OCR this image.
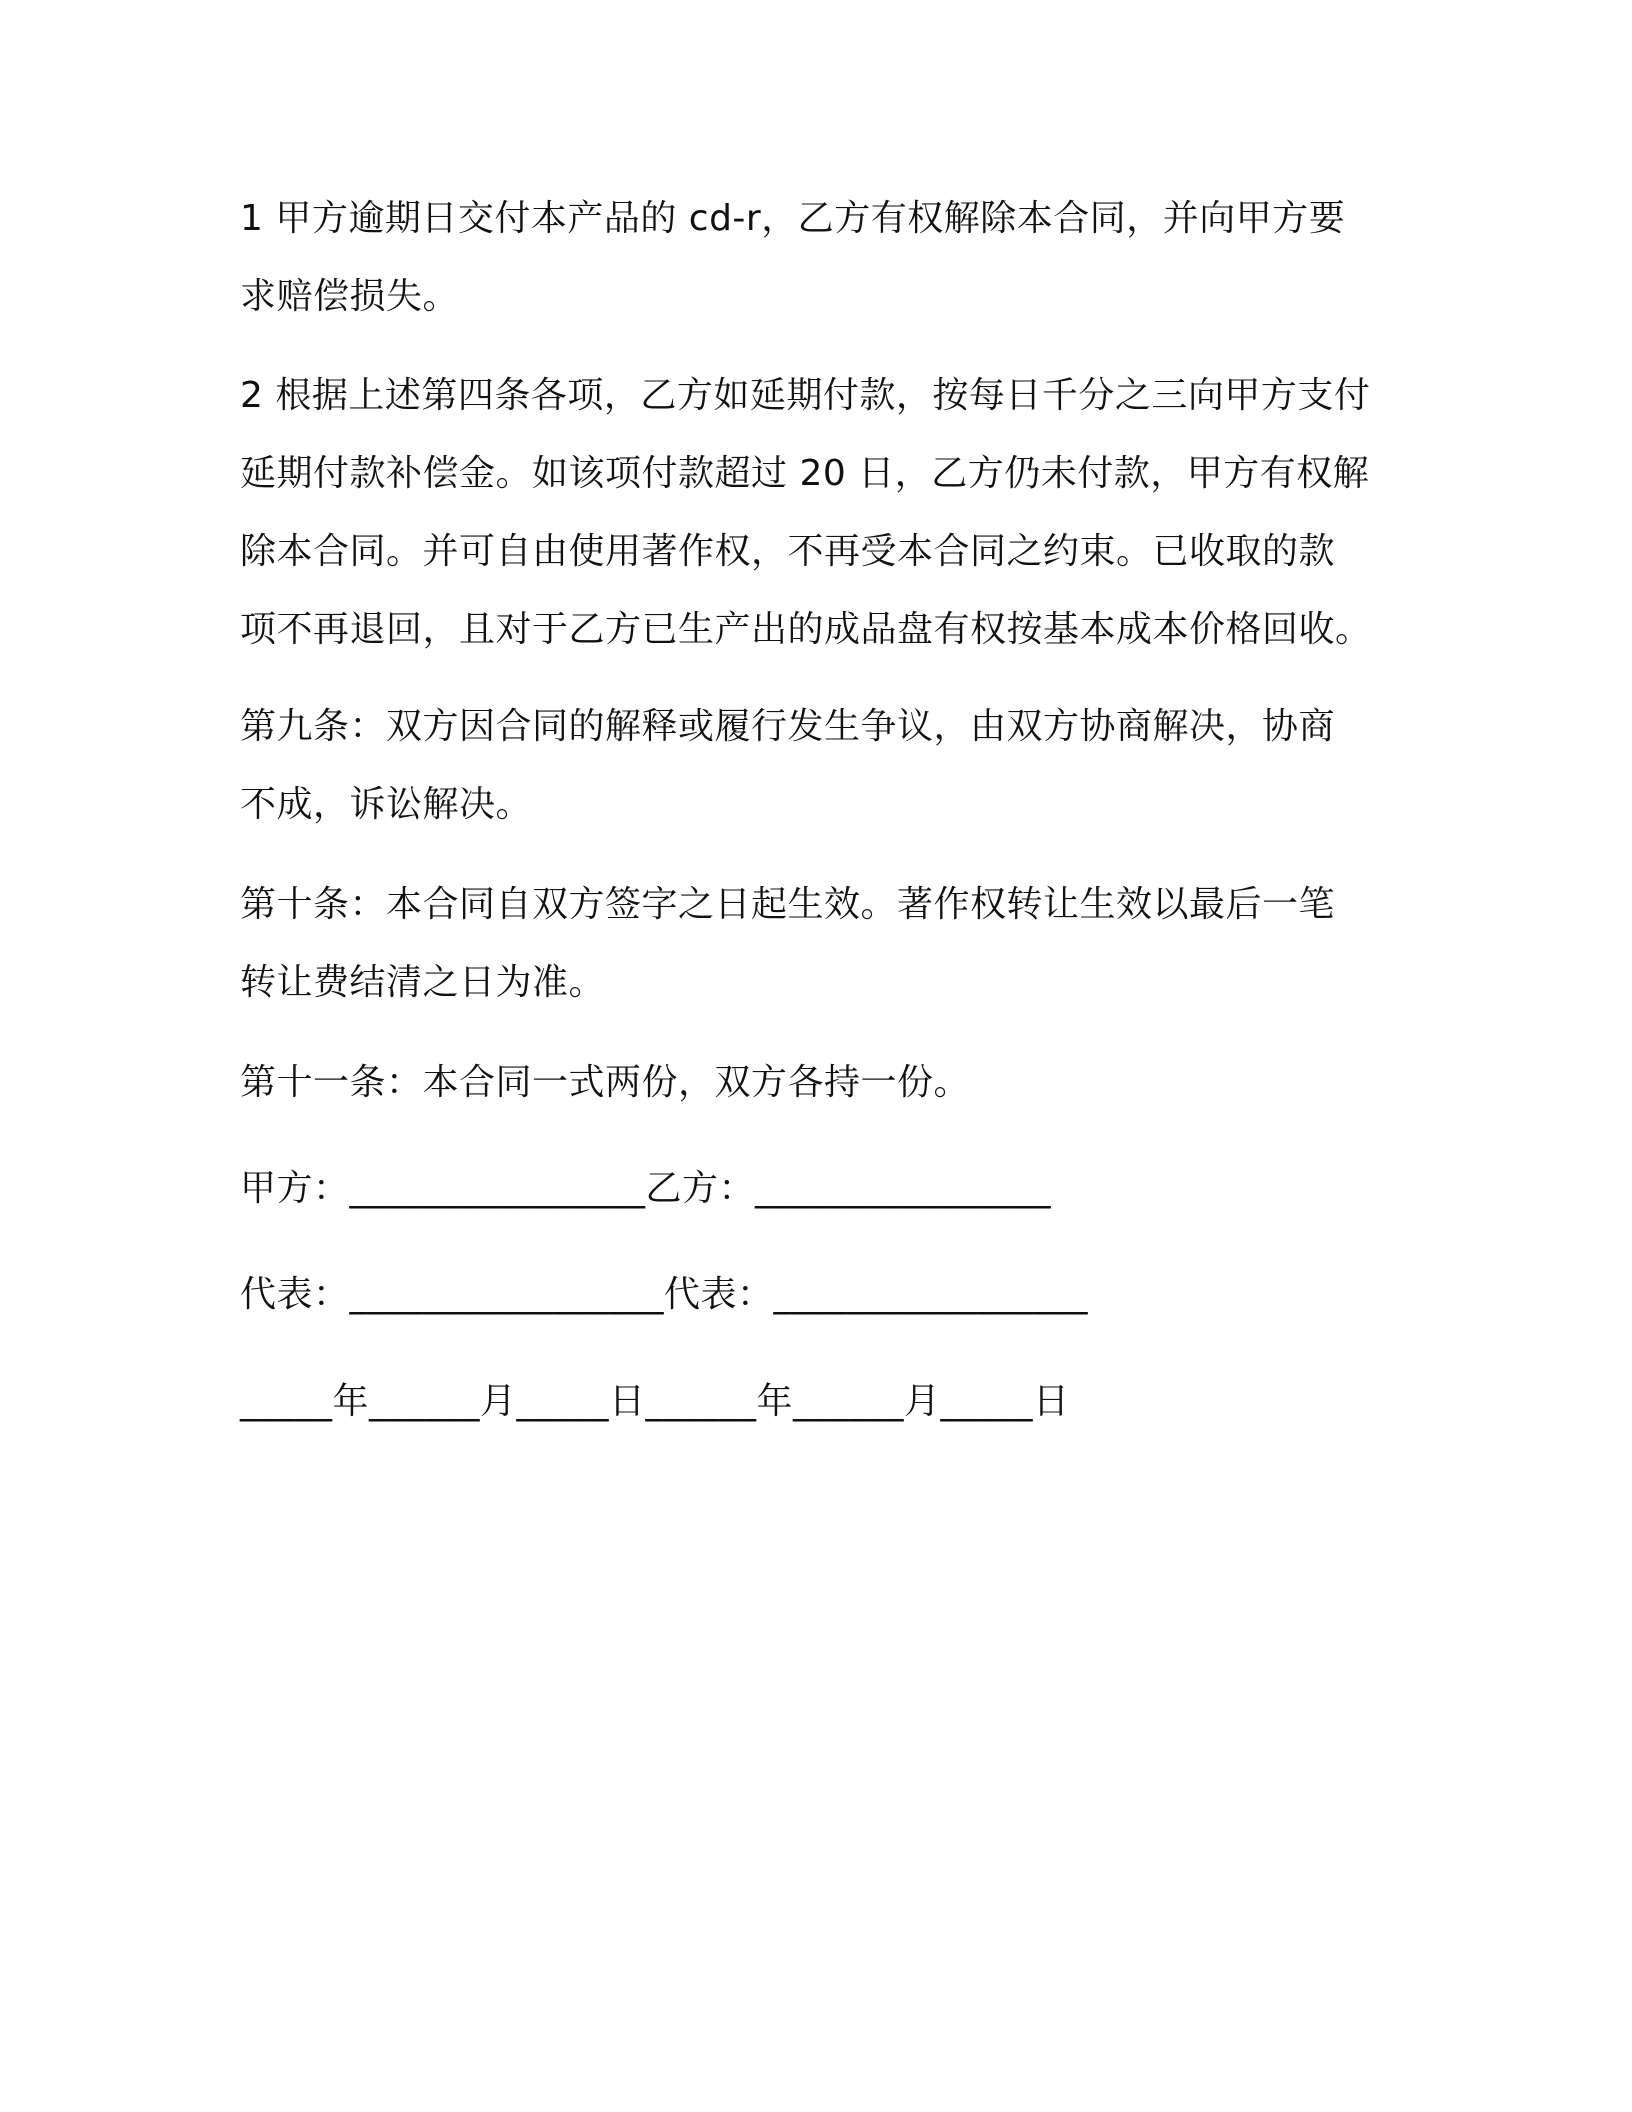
1 甲方逾期日交付本产品的 cd-r，乙方有权解除本合同，并向甲方要
求赔偿损失。
2 根据上述第四条各项，乙方如延期付款，按每日千分之三向甲方支付
延期付款补偿金。如该项付款超过 20 日，乙方仍未付款，甲方有权解
除本合同。并可自由使用著作权，不再受本合同之约束。已收取的款
项不再退回，且对于乙方已生产出的成品盘有权按基本成本价格回收。
第九条：双方因合同的解释或履行发生争议，由双方协商解决，协商
不成，诉讼解决。
第十条：本合同自双方签字之日起生效。著作权转让生效以最后一笔
转让费结清之日为准。
第十一条：本合同一式两份，双方各持一份。
甲方：________________乙方：________________
代表：_________________代表：_________________
_____年______月_____日______年______月_____日
